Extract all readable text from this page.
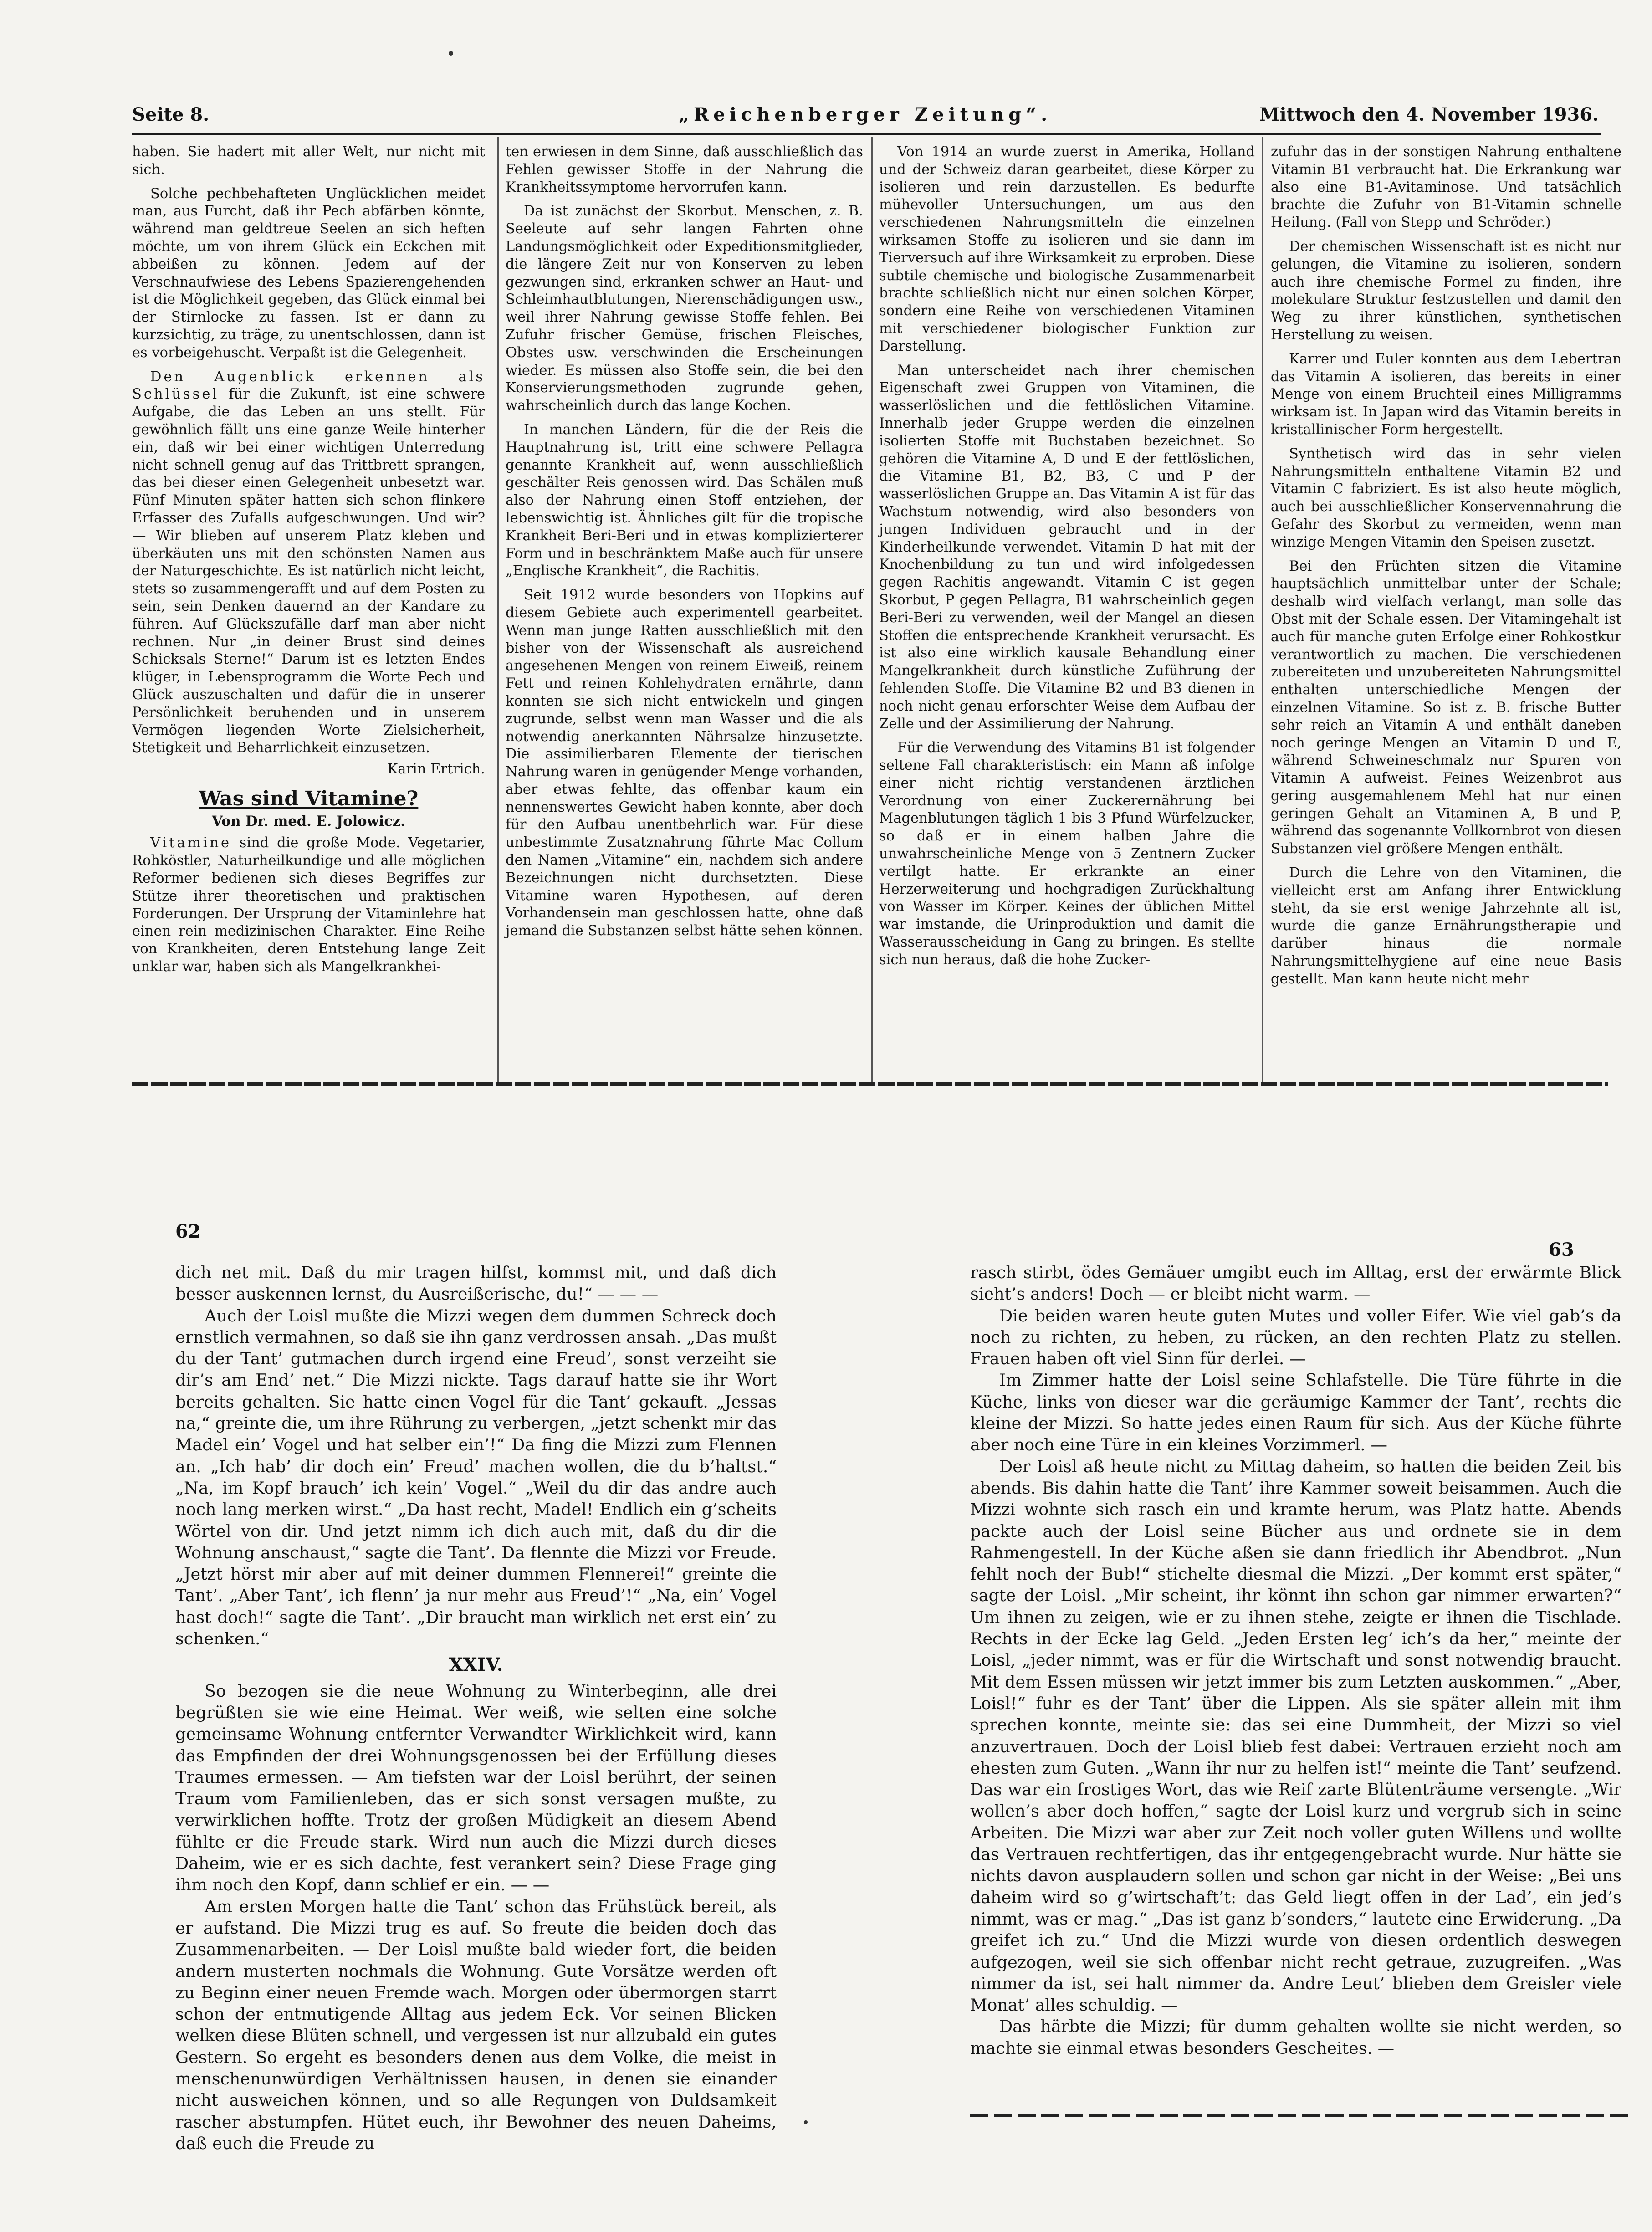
Seite 8.	„Reichenberger Zeitung“.	Mittwoch den 4. November 1936.

haben. Sie hadert mit aller Welt, nur nicht mit sich.

Solche pechbehafteten Unglücklichen meidet man, aus Furcht, daß ihr Pech abfärben könnte, während man geldtreue Seelen an sich heften möchte, um von ihrem Glück ein Eckchen mit abbeißen zu können. Jedem auf der Verschnaufwiese des Lebens Spazierengehenden ist die Möglichkeit gegeben, das Glück einmal bei der Stirnlocke zu fassen. Ist er dann zu kurzsichtig, zu träge, zu unentschlossen, dann ist es vorbeigehuscht. Verpaßt ist die Gelegenheit.

Den Augenblick erkennen als Schlüssel für die Zukunft, ist eine schwere Aufgabe, die das Leben an uns stellt. Für gewöhnlich fällt uns eine ganze Weile hinterher ein, daß wir bei einer wichtigen Unterredung nicht schnell genug auf das Trittbrett sprangen, das bei dieser einen Gelegenheit unbesetzt war. Fünf Minuten später hatten sich schon flinkere Erfasser des Zufalls aufgeschwungen. Und wir? — Wir blieben auf unserem Platz kleben und überkäuten uns mit den schönsten Namen aus der Naturgeschichte. Es ist natürlich nicht leicht, stets so zusammengerafft und auf dem Posten zu sein, sein Denken dauernd an der Kandare zu führen. Auf Glückszufälle darf man aber nicht rechnen. Nur „in deiner Brust sind deines Schicksals Sterne!“ Darum ist es letzten Endes klüger, in Lebensprogramm die Worte Pech und Glück auszuschalten und dafür die in unserer Persönlichkeit beruhenden und in unserem Vermögen liegenden Worte Zielsicherheit, Stetigkeit und Beharrlichkeit einzusetzen.

Karin Ertrich.

Was sind Vitamine?
Von Dr. med. E. Jolowicz.

Vitamine sind die große Mode. Vegetarier, Rohköstler, Naturheilkundige und alle möglichen Reformer bedienen sich dieses Begriffes zur Stütze ihrer theoretischen und praktischen Forderungen. Der Ursprung der Vitaminlehre hat einen rein medizinischen Charakter. Eine Reihe von Krankheiten, deren Entstehung lange Zeit unklar war, haben sich als Mangelkrankhei-

ten erwiesen in dem Sinne, daß ausschließlich das Fehlen gewisser Stoffe in der Nahrung die Krankheitssymptome hervorrufen kann.

Da ist zunächst der Skorbut. Menschen, z. B. Seeleute auf sehr langen Fahrten ohne Landungsmöglichkeit oder Expeditionsmitglieder, die längere Zeit nur von Konserven zu leben gezwungen sind, erkranken schwer an Haut- und Schleimhautblutungen, Nierenschädigungen usw., weil ihrer Nahrung gewisse Stoffe fehlen. Bei Zufuhr frischer Gemüse, frischen Fleisches, Obstes usw. verschwinden die Erscheinungen wieder. Es müssen also Stoffe sein, die bei den Konservierungsmethoden zugrunde gehen, wahrscheinlich durch das lange Kochen.

In manchen Ländern, für die der Reis die Hauptnahrung ist, tritt eine schwere Pellagra genannte Krankheit auf, wenn ausschließlich geschälter Reis genossen wird. Das Schälen muß also der Nahrung einen Stoff entziehen, der lebenswichtig ist. Ähnliches gilt für die tropische Krankheit Beri-Beri und in etwas komplizierterer Form und in beschränktem Maße auch für unsere „Englische Krankheit“, die Rachitis.

Seit 1912 wurde besonders von Hopkins auf diesem Gebiete auch experimentell gearbeitet. Wenn man junge Ratten ausschließlich mit den bisher von der Wissenschaft als ausreichend angesehenen Mengen von reinem Eiweiß, reinem Fett und reinen Kohlehydraten ernährte, dann konnten sie sich nicht entwickeln und gingen zugrunde, selbst wenn man Wasser und die als notwendig anerkannten Nährsalze hinzusetzte. Die assimilierbaren Elemente der tierischen Nahrung waren in genügender Menge vorhanden, aber etwas fehlte, das offenbar kaum ein nennenswertes Gewicht haben konnte, aber doch für den Aufbau unentbehrlich war. Für diese unbestimmte Zusatznahrung führte Mac Collum den Namen „Vitamine“ ein, nachdem sich andere Bezeichnungen nicht durchsetzten. Diese Vitamine waren Hypothesen, auf deren Vorhandensein man geschlossen hatte, ohne daß jemand die Substanzen selbst hätte sehen können.

Von 1914 an wurde zuerst in Amerika, Holland und der Schweiz daran gearbeitet, diese Körper zu isolieren und rein darzustellen. Es bedurfte mühevoller Untersuchungen, um aus den verschiedenen Nahrungsmitteln die einzelnen wirksamen Stoffe zu isolieren und sie dann im Tierversuch auf ihre Wirksamkeit zu erproben. Diese subtile chemische und biologische Zusammenarbeit brachte schließlich nicht nur einen solchen Körper, sondern eine Reihe von verschiedenen Vitaminen mit verschiedener biologischer Funktion zur Darstellung.

Man unterscheidet nach ihrer chemischen Eigenschaft zwei Gruppen von Vitaminen, die wasserlöslichen und die fettlöslichen Vitamine. Innerhalb jeder Gruppe werden die einzelnen isolierten Stoffe mit Buchstaben bezeichnet. So gehören die Vitamine A, D und E der fettlöslichen, die Vitamine B1, B2, B3, C und P der wasserlöslichen Gruppe an. Das Vitamin A ist für das Wachstum notwendig, wird also besonders von jungen Individuen gebraucht und in der Kinderheilkunde verwendet. Vitamin D hat mit der Knochenbildung zu tun und wird infolgedessen gegen Rachitis angewandt. Vitamin C ist gegen Skorbut, P gegen Pellagra, B1 wahrscheinlich gegen Beri-Beri zu verwenden, weil der Mangel an diesen Stoffen die entsprechende Krankheit verursacht. Es ist also eine wirklich kausale Behandlung einer Mangelkrankheit durch künstliche Zuführung der fehlenden Stoffe. Die Vitamine B2 und B3 dienen in noch nicht genau erforschter Weise dem Aufbau der Zelle und der Assimilierung der Nahrung.

Für die Verwendung des Vitamins B1 ist folgender seltene Fall charakteristisch: ein Mann aß infolge einer nicht richtig verstandenen ärztlichen Verordnung von einer Zuckerernährung bei Magenblutungen täglich 1 bis 3 Pfund Würfelzucker, so daß er in einem halben Jahre die unwahrscheinliche Menge von 5 Zentnern Zucker vertilgt hatte. Er erkrankte an einer Herzerweiterung und hochgradigen Zurückhaltung von Wasser im Körper. Keines der üblichen Mittel war imstande, die Urinproduktion und damit die Wasserausscheidung in Gang zu bringen. Es stellte sich nun heraus, daß die hohe Zucker-

zufuhr das in der sonstigen Nahrung enthaltene Vitamin B1 verbraucht hat. Die Erkrankung war also eine B1-Avitaminose. Und tatsächlich brachte die Zufuhr von B1-Vitamin schnelle Heilung. (Fall von Stepp und Schröder.)

Der chemischen Wissenschaft ist es nicht nur gelungen, die Vitamine zu isolieren, sondern auch ihre chemische Formel zu finden, ihre molekulare Struktur festzustellen und damit den Weg zu ihrer künstlichen, synthetischen Herstellung zu weisen.

Karrer und Euler konnten aus dem Lebertran das Vitamin A isolieren, das bereits in einer Menge von einem Bruchteil eines Milligramms wirksam ist. In Japan wird das Vitamin bereits in kristallinischer Form hergestellt.

Synthetisch wird das in sehr vielen Nahrungsmitteln enthaltene Vitamin B2 und Vitamin C fabriziert. Es ist also heute möglich, auch bei ausschließlicher Konservennahrung die Gefahr des Skorbut zu vermeiden, wenn man winzige Mengen Vitamin den Speisen zusetzt.

Bei den Früchten sitzen die Vitamine hauptsächlich unmittelbar unter der Schale; deshalb wird vielfach verlangt, man solle das Obst mit der Schale essen. Der Vitamingehalt ist auch für manche guten Erfolge einer Rohkostkur verantwortlich zu machen. Die verschiedenen zubereiteten und unzubereiteten Nahrungsmittel enthalten unterschiedliche Mengen der einzelnen Vitamine. So ist z. B. frische Butter sehr reich an Vitamin A und enthält daneben noch geringe Mengen an Vitamin D und E, während Schweineschmalz nur Spuren von Vitamin A aufweist. Feines Weizenbrot aus gering ausgemahlenem Mehl hat nur einen geringen Gehalt an Vitaminen A, B und P, während das sogenannte Vollkornbrot von diesen Substanzen viel größere Mengen enthält.

Durch die Lehre von den Vitaminen, die vielleicht erst am Anfang ihrer Entwicklung steht, da sie erst wenige Jahrzehnte alt ist, wurde die ganze Ernährungstherapie und darüber hinaus die normale Nahrungsmittelhygiene auf eine neue Basis gestellt. Man kann heute nicht mehr

62
63

dich net mit. Daß du mir tragen hilfst, kommst mit, und daß dich besser auskennen lernst, du Ausreißerische, du!“ — — —

Auch der Loisl mußte die Mizzi wegen dem dummen Schreck doch ernstlich vermahnen, so daß sie ihn ganz verdrossen ansah. „Das mußt du der Tant’ gutmachen durch irgend eine Freud’, sonst verzeiht sie dir’s am End’ net.“ Die Mizzi nickte. Tags darauf hatte sie ihr Wort bereits gehalten. Sie hatte einen Vogel für die Tant’ gekauft. „Jessas na,“ greinte die, um ihre Rührung zu verbergen, „jetzt schenkt mir das Madel ein’ Vogel und hat selber ein’!“ Da fing die Mizzi zum Flennen an. „Ich hab’ dir doch ein’ Freud’ machen wollen, die du b’haltst.“ „Na, im Kopf brauch’ ich kein’ Vogel.“ „Weil du dir das andre auch noch lang merken wirst.“ „Da hast recht, Madel! Endlich ein g’scheits Wörtel von dir. Und jetzt nimm ich dich auch mit, daß du dir die Wohnung anschaust,“ sagte die Tant’. Da flennte die Mizzi vor Freude. „Jetzt hörst mir aber auf mit deiner dummen Flennerei!“ greinte die Tant’. „Aber Tant’, ich flenn’ ja nur mehr aus Freud’!“ „Na, ein’ Vogel hast doch!“ sagte die Tant’. „Dir braucht man wirklich net erst ein’ zu schenken.“

XXIV.

So bezogen sie die neue Wohnung zu Winterbeginn, alle drei begrüßten sie wie eine Heimat. Wer weiß, wie selten eine solche gemeinsame Wohnung entfernter Verwandter Wirklichkeit wird, kann das Empfinden der drei Wohnungsgenossen bei der Erfüllung dieses Traumes ermessen. — Am tiefsten war der Loisl berührt, der seinen Traum vom Familienleben, das er sich sonst versagen mußte, zu verwirklichen hoffte. Trotz der großen Müdigkeit an diesem Abend fühlte er die Freude stark. Wird nun auch die Mizzi durch dieses Daheim, wie er es sich dachte, fest verankert sein? Diese Frage ging ihm noch den Kopf, dann schlief er ein. — —

Am ersten Morgen hatte die Tant’ schon das Frühstück bereit, als er aufstand. Die Mizzi trug es auf. So freute die beiden doch das Zusammenarbeiten. — Der Loisl mußte bald wieder fort, die beiden andern musterten nochmals die Wohnung. Gute Vorsätze werden oft zu Beginn einer neuen Fremde wach. Morgen oder übermorgen starrt schon der entmutigende Alltag aus jedem Eck. Vor seinen Blicken welken diese Blüten schnell, und vergessen ist nur allzubald ein gutes Gestern. So ergeht es besonders denen aus dem Volke, die meist in menschenunwürdigen Verhältnissen hausen, in denen sie einander nicht ausweichen können, und so alle Regungen von Duldsamkeit rascher abstumpfen. Hütet euch, ihr Bewohner des neuen Daheims, daß euch die Freude zu

rasch stirbt, ödes Gemäuer umgibt euch im Alltag, erst der erwärmte Blick sieht’s anders! Doch — er bleibt nicht warm. —

Die beiden waren heute guten Mutes und voller Eifer. Wie viel gab’s da noch zu richten, zu heben, zu rücken, an den rechten Platz zu stellen. Frauen haben oft viel Sinn für derlei. —

Im Zimmer hatte der Loisl seine Schlafstelle. Die Türe führte in die Küche, links von dieser war die geräumige Kammer der Tant’, rechts die kleine der Mizzi. So hatte jedes einen Raum für sich. Aus der Küche führte aber noch eine Türe in ein kleines Vorzimmerl. —

Der Loisl aß heute nicht zu Mittag daheim, so hatten die beiden Zeit bis abends. Bis dahin hatte die Tant’ ihre Kammer soweit beisammen. Auch die Mizzi wohnte sich rasch ein und kramte herum, was Platz hatte. Abends packte auch der Loisl seine Bücher aus und ordnete sie in dem Rahmengestell. In der Küche aßen sie dann friedlich ihr Abendbrot. „Nun fehlt noch der Bub!“ stichelte diesmal die Mizzi. „Der kommt erst später,“ sagte der Loisl. „Mir scheint, ihr könnt ihn schon gar nimmer erwarten?“ Um ihnen zu zeigen, wie er zu ihnen stehe, zeigte er ihnen die Tischlade. Rechts in der Ecke lag Geld. „Jeden Ersten leg’ ich’s da her,“ meinte der Loisl, „jeder nimmt, was er für die Wirtschaft und sonst notwendig braucht. Mit dem Essen müssen wir jetzt immer bis zum Letzten auskommen.“ „Aber, Loisl!“ fuhr es der Tant’ über die Lippen. Als sie später allein mit ihm sprechen konnte, meinte sie: das sei eine Dummheit, der Mizzi so viel anzuvertrauen. Doch der Loisl blieb fest dabei: Vertrauen erzieht noch am ehesten zum Guten. „Wann ihr nur zu helfen ist!“ meinte die Tant’ seufzend. Das war ein frostiges Wort, das wie Reif zarte Blütenträume versengte. „Wir wollen’s aber doch hoffen,“ sagte der Loisl kurz und vergrub sich in seine Arbeiten. Die Mizzi war aber zur Zeit noch voller guten Willens und wollte das Vertrauen rechtfertigen, das ihr entgegengebracht wurde. Nur hätte sie nichts davon ausplaudern sollen und schon gar nicht in der Weise: „Bei uns daheim wird so g’wirtschaft’t: das Geld liegt offen in der Lad’, ein jed’s nimmt, was er mag.“ „Das ist ganz b’sonders,“ lautete eine Erwiderung. „Da greifet ich zu.“ Und die Mizzi wurde von diesen ordentlich deswegen aufgezogen, weil sie sich offenbar nicht recht getraue, zuzugreifen. „Was nimmer da ist, sei halt nimmer da. Andre Leut’ blieben dem Greisler viele Monat’ alles schuldig. —

Das härbte die Mizzi; für dumm gehalten wollte sie nicht werden, so machte sie einmal etwas besonders Gescheites. —
